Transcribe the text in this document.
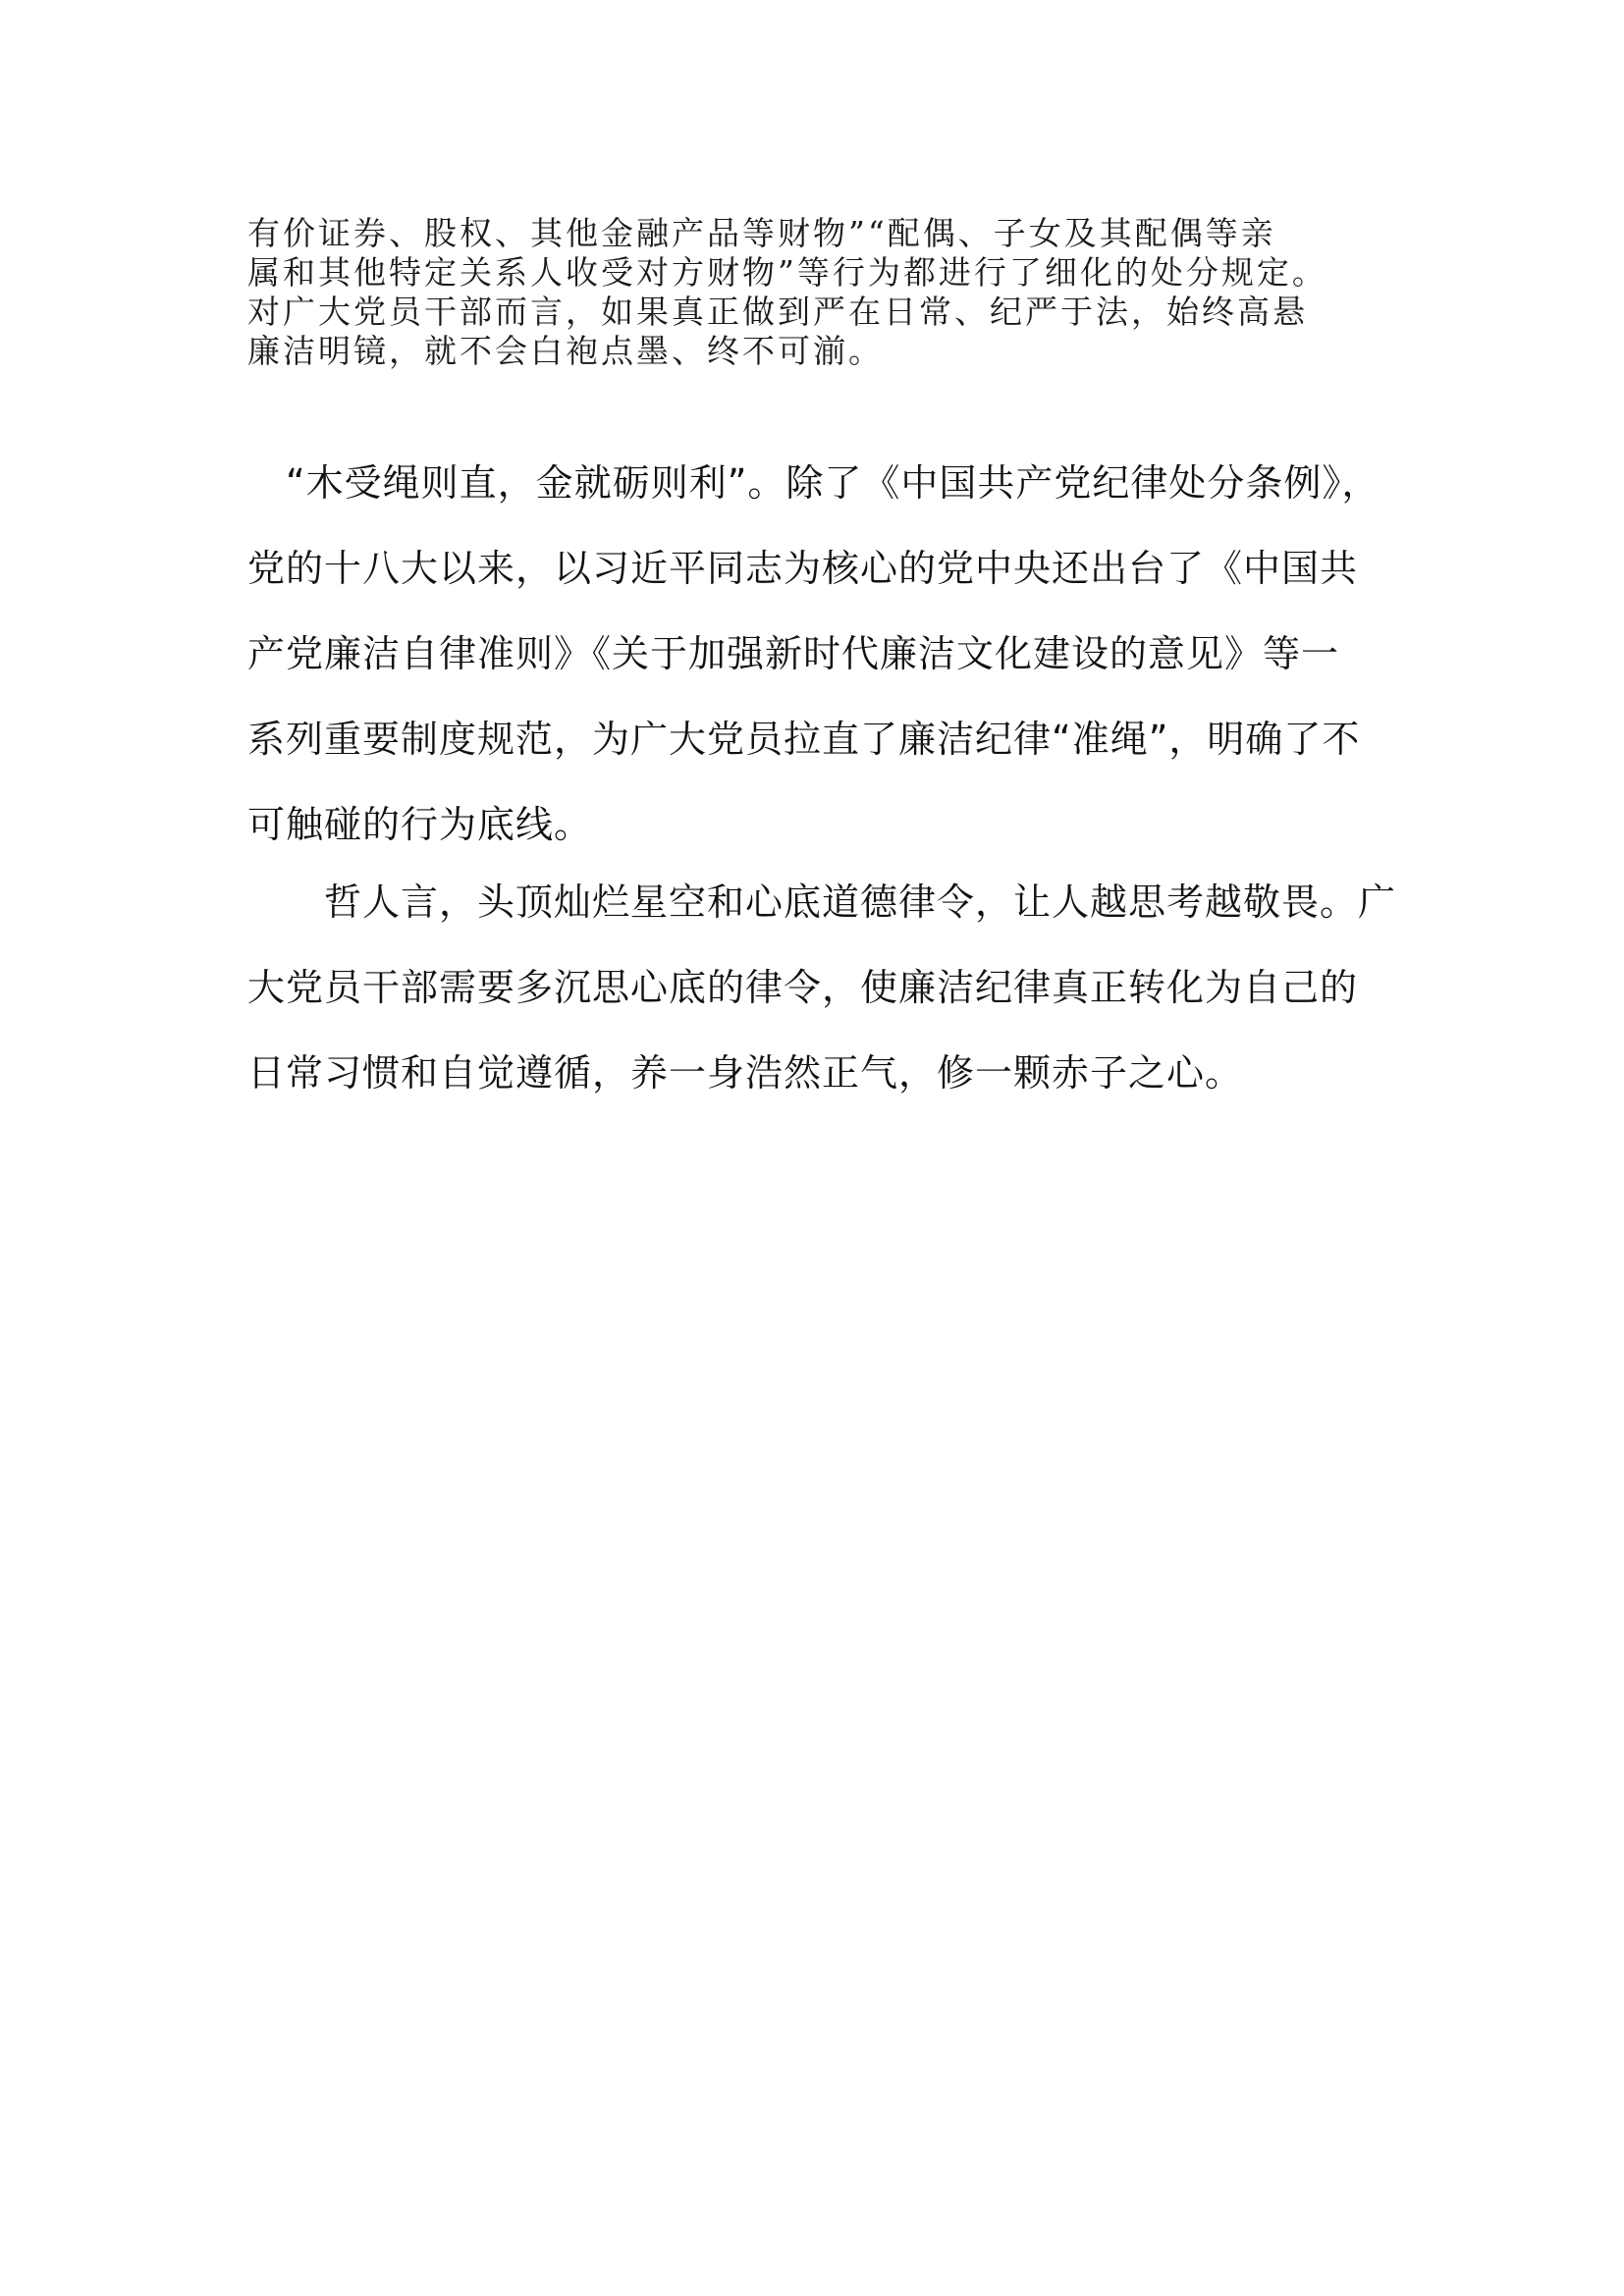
有价证券、股权、其他金融产品等财物”“配偶、子女及其配偶等亲
属和其他特定关系人收受对方财物”等行为都进行了细化的处分规定。
对广大党员干部而言，如果真正做到严在日常、纪严于法，始终高悬
廉洁明镜，就不会白袍点墨、终不可湔。
　“木受绳则直，金就砺则利”。除了《中国共产党纪律处分条例》，
党的十八大以来，以习近平同志为核心的党中央还出台了《中国共
产党廉洁自律准则》《关于加强新时代廉洁文化建设的意见》等一
系列重要制度规范，为广大党员拉直了廉洁纪律“准绳”，明确了不
可触碰的行为底线。
　　哲人言，头顶灿烂星空和心底道德律令，让人越思考越敬畏。广
大党员干部需要多沉思心底的律令，使廉洁纪律真正转化为自己的
日常习惯和自觉遵循，养一身浩然正气，修一颗赤子之心。
